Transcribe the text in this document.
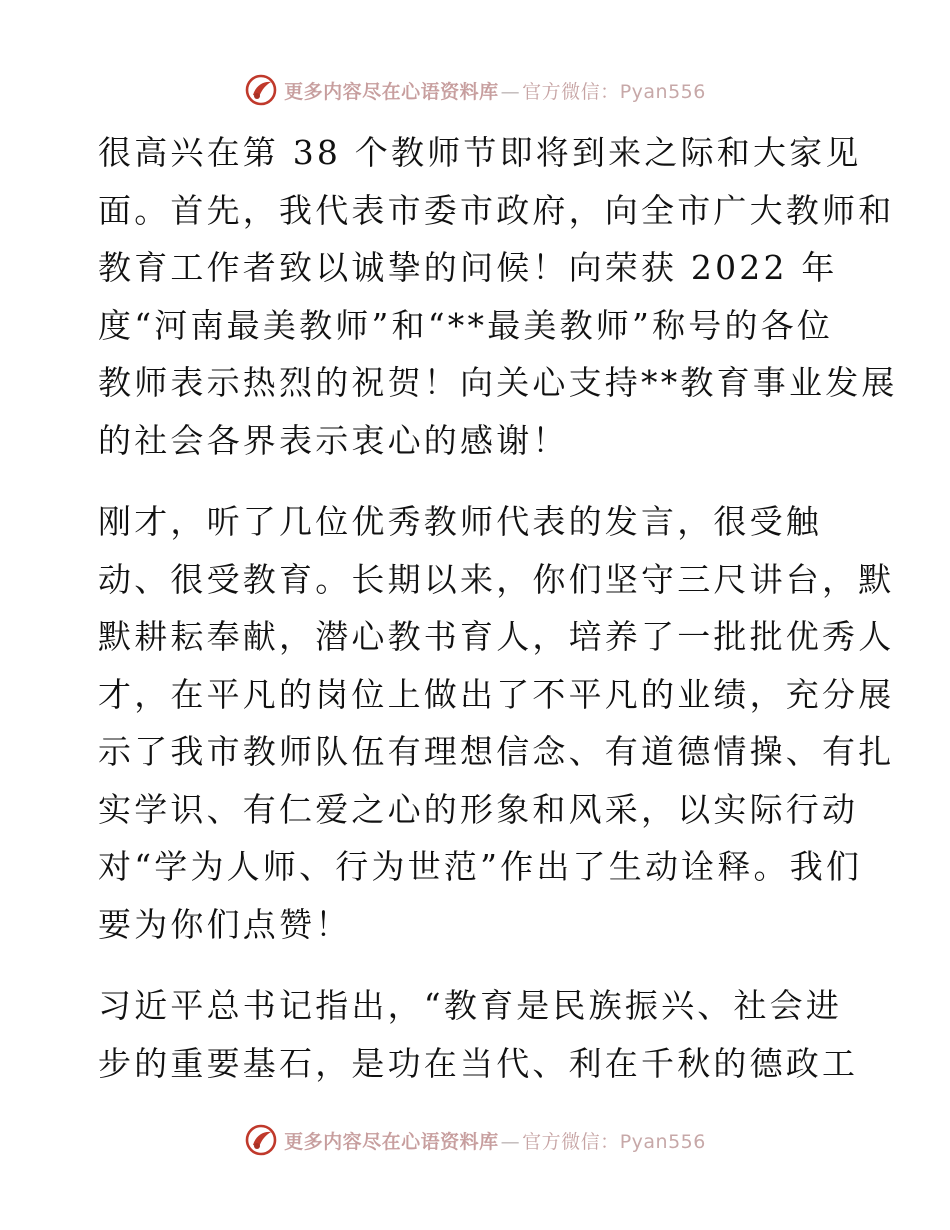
更多内容尽在心语资料库 — 官方微信：Pyan556

很高兴在第 38 个教师节即将到来之际和大家见
面。首先，我代表市委市政府，向全市广大教师和
教育工作者致以诚挚的问候！向荣获 2022 年
度“河南最美教师”和“**最美教师”称号的各位
教师表示热烈的祝贺！向关心支持**教育事业发展
的社会各界表示衷心的感谢！

刚才，听了几位优秀教师代表的发言，很受触
动、很受教育。长期以来，你们坚守三尺讲台，默
默耕耘奉献，潜心教书育人，培养了一批批优秀人
才，在平凡的岗位上做出了不平凡的业绩，充分展
示了我市教师队伍有理想信念、有道德情操、有扎
实学识、有仁爱之心的形象和风采，以实际行动
对“学为人师、行为世范”作出了生动诠释。我们
要为你们点赞！

习近平总书记指出，“教育是民族振兴、社会进
步的重要基石，是功在当代、利在千秋的德政工

更多内容尽在心语资料库 — 官方微信：Pyan556
